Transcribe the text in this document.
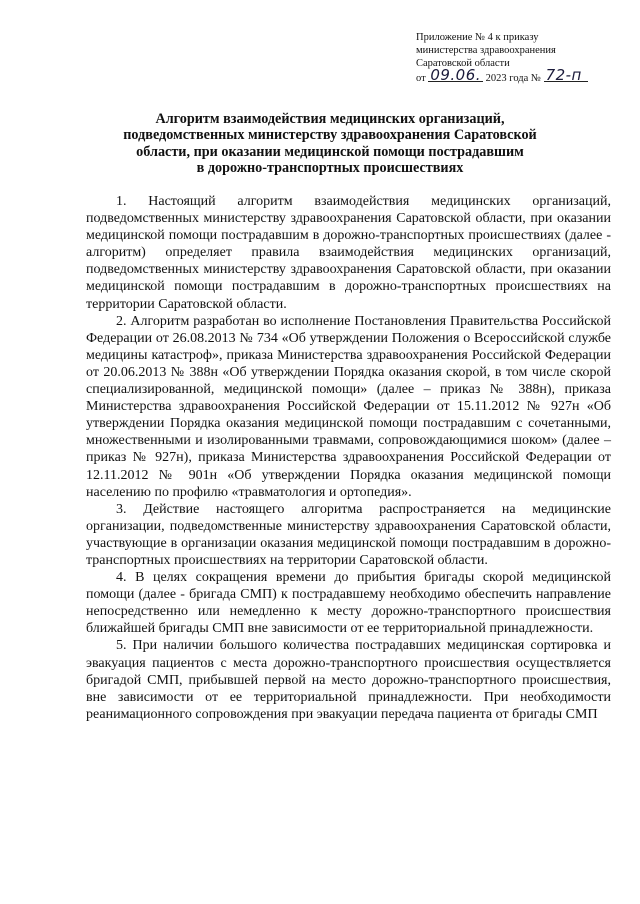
Приложение № 4 к приказу
министерства здравоохранения
Саратовской области
от 09.06. 2023 года № 72-п
Алгоритм взаимодействия медицинских организаций,
подведомственных министерству здравоохранения Саратовской
области, при оказании медицинской помощи пострадавшим
в дорожно-транспортных происшествиях

1. Настоящий алгоритм взаимодействия медицинских организаций, подведомственных министерству здравоохранения Саратовской области, при оказании медицинской помощи пострадавшим в дорожно-транспортных происшествиях (далее - алгоритм) определяет правила взаимодействия медицинских организаций, подведомственных министерству здравоохранения Саратовской области, при оказании медицинской помощи пострадавшим в дорожно-транспортных происшествиях на территории Саратовской области.

2. Алгоритм разработан во исполнение Постановления Правительства Российской Федерации от 26.08.2013 № 734 «Об утверждении Положения о Всероссийской службе медицины катастроф», приказа Министерства здравоохранения Российской Федерации от 20.06.2013 № 388н «Об утверждении Порядка оказания скорой, в том числе скорой специализированной, медицинской помощи» (далее – приказ № 388н), приказа Министерства здравоохранения Российской Федерации от 15.11.2012 № 927н «Об утверждении Порядка оказания медицинской помощи пострадавшим с сочетанными, множественными и изолированными травмами, сопровождающимися шоком» (далее – приказ № 927н), приказа Министерства здравоохранения Российской Федерации от 12.11.2012 № 901н «Об утверждении Порядка оказания медицинской помощи населению по профилю «травматология и ортопедия».

3. Действие настоящего алгоритма распространяется на медицинские организации, подведомственные министерству здравоохранения Саратовской области, участвующие в организации оказания медицинской помощи пострадавшим в дорожно-транспортных происшествиях на территории Саратовской области.

4. В целях сокращения времени до прибытия бригады скорой медицинской помощи (далее - бригада СМП) к пострадавшему необходимо обеспечить направление непосредственно или немедленно к месту дорожно-транспортного происшествия ближайшей бригады СМП вне зависимости от ее территориальной принадлежности.

5. При наличии большого количества пострадавших медицинская сортировка и эвакуация пациентов с места дорожно-транспортного происшествия осуществляется бригадой СМП, прибывшей первой на место дорожно-транспортного происшествия, вне зависимости от ее территориальной принадлежности. При необходимости реанимационного сопровождения при эвакуации передача пациента от бригады СМП
